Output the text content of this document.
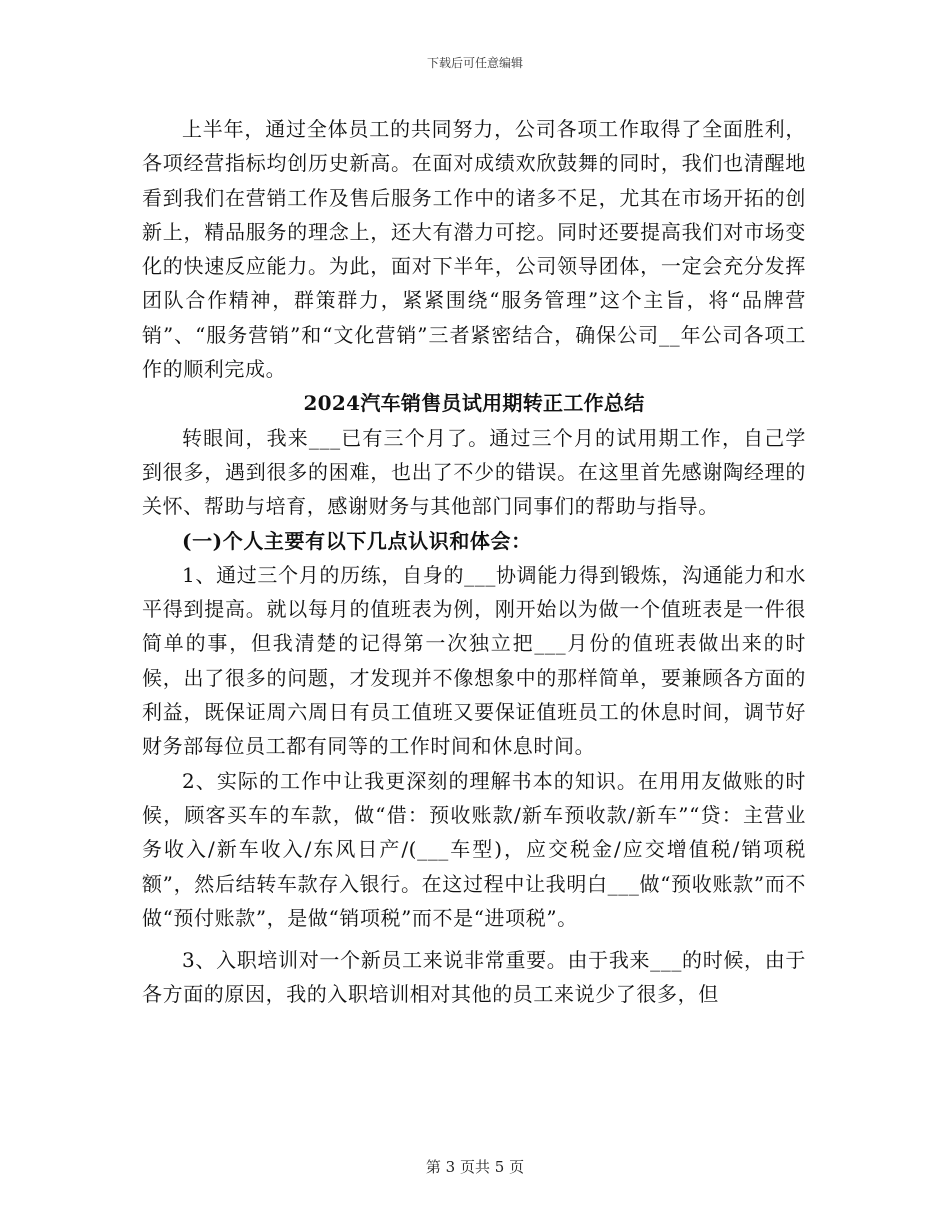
下载后可任意编辑

上半年，通过全体员工的共同努力，公司各项工作取得了全面胜利，各项经营指标均创历史新高。在面对成绩欢欣鼓舞的同时，我们也清醒地看到我们在营销工作及售后服务工作中的诸多不足，尤其在市场开拓的创新上，精品服务的理念上，还大有潜力可挖。同时还要提高我们对市场变化的快速反应能力。为此，面对下半年，公司领导团体，一定会充分发挥团队合作精神，群策群力，紧紧围绕“服务管理”这个主旨，将“品牌营销”、“服务营销”和“文化营销”三者紧密结合，确保公司__年公司各项工作的顺利完成。

2024汽车销售员试用期转正工作总结

转眼间，我来___已有三个月了。通过三个月的试用期工作，自己学到很多，遇到很多的困难，也出了不少的错误。在这里首先感谢陶经理的关怀、帮助与培育，感谢财务与其他部门同事们的帮助与指导。

(一)个人主要有以下几点认识和体会：

1、通过三个月的历练，自身的___协调能力得到锻炼，沟通能力和水平得到提高。就以每月的值班表为例，刚开始以为做一个值班表是一件很简单的事，但我清楚的记得第一次独立把___月份的值班表做出来的时候，出了很多的问题，才发现并不像想象中的那样简单，要兼顾各方面的利益，既保证周六周日有员工值班又要保证值班员工的休息时间，调节好财务部每位员工都有同等的工作时间和休息时间。

2、实际的工作中让我更深刻的理解书本的知识。在用用友做账的时候，顾客买车的车款，做“借：预收账款/新车预收款/新车”“贷：主营业务收入/新车收入/东风日产/(___车型)，应交税金/应交增值税/销项税额”，然后结转车款存入银行。在这过程中让我明白___做“预收账款”而不做“预付账款”，是做“销项税”而不是“进项税”。

3、入职培训对一个新员工来说非常重要。由于我来___的时候，由于各方面的原因，我的入职培训相对其他的员工来说少了很多，但

第 3 页共 5 页
